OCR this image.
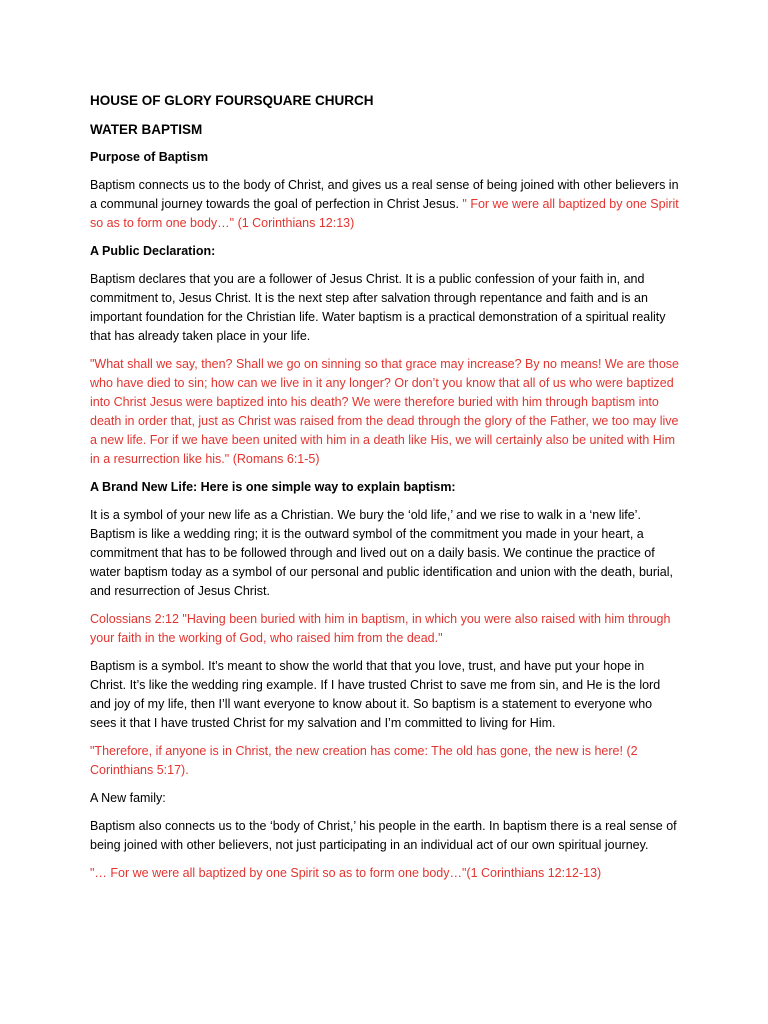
HOUSE OF GLORY FOURSQUARE CHURCH
WATER BAPTISM
Purpose of Baptism

Baptism connects us to the body of Christ, and gives us a real sense of being joined with other believers in a communal journey towards the goal of perfection in Christ Jesus. " For we were all baptized by one Spirit so as to form one body…" (1 Corinthians 12:13)

A Public Declaration:

Baptism declares that you are a follower of Jesus Christ. It is a public confession of your faith in, and commitment to, Jesus Christ. It is the next step after salvation through repentance and faith and is an important foundation for the Christian life. Water baptism is a practical demonstration of a spiritual reality that has already taken place in your life.

"What shall we say, then? Shall we go on sinning so that grace may increase? By no means! We are those who have died to sin; how can we live in it any longer? Or don’t you know that all of us who were baptized into Christ Jesus were baptized into his death? We were therefore buried with him through baptism into death in order that, just as Christ was raised from the dead through the glory of the Father, we too may live a new life. For if we have been united with him in a death like His, we will certainly also be united with Him in a resurrection like his." (Romans 6:1-5)

A Brand New Life: Here is one simple way to explain baptism:

It is a symbol of your new life as a Christian. We bury the ‘old life,’ and we rise to walk in a ‘new life’. Baptism is like a wedding ring; it is the outward symbol of the commitment you made in your heart, a commitment that has to be followed through and lived out on a daily basis. We continue the practice of water baptism today as a symbol of our personal and public identification and union with the death, burial, and resurrection of Jesus Christ.

Colossians 2:12 "Having been buried with him in baptism, in which you were also raised with him through your faith in the working of God, who raised him from the dead."

Baptism is a symbol. It’s meant to show the world that that you love, trust, and have put your hope in Christ. It’s like the wedding ring example. If I have trusted Christ to save me from sin, and He is the lord and joy of my life, then I’ll want everyone to know about it. So baptism is a statement to everyone who sees it that I have trusted Christ for my salvation and I’m committed to living for Him.

"Therefore, if anyone is in Christ, the new creation has come: The old has gone, the new is here! (2 Corinthians 5:17).

A New family:

Baptism also connects us to the ‘body of Christ,’ his people in the earth. In baptism there is a real sense of being joined with other believers, not just participating in an individual act of our own spiritual journey.

"… For we were all baptized by one Spirit so as to form one body…"(1 Corinthians 12:12-13)
